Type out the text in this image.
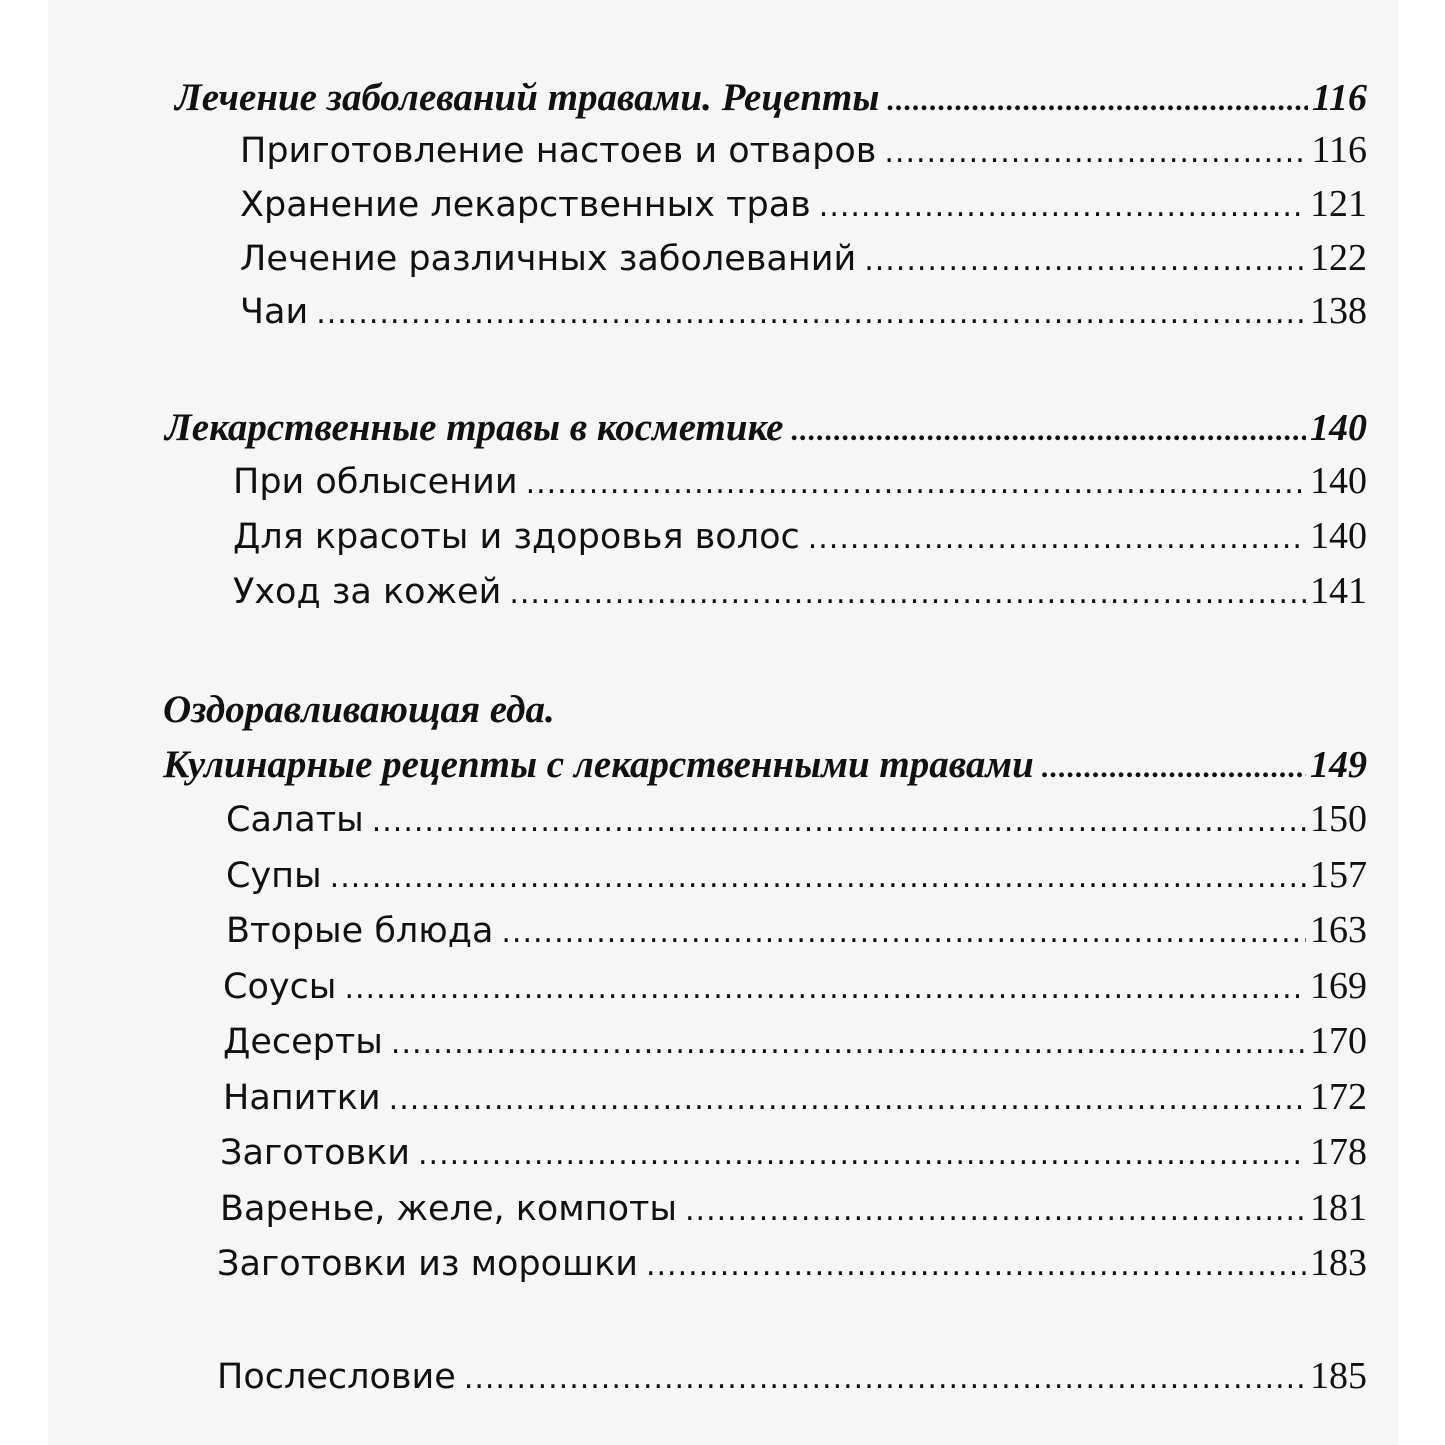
Лечение заболеваний травами. Рецепты .....	116
Приготовление настоев и отваров .....	116
Хранение лекарственных трав .....	121
Лечение различных заболеваний .....	122
Чаи .....	138
Лекарственные травы в косметике .....	140
При облысении .....	140
Для красоты и здоровья волос .....	140
Уход за кожей .....	141
Оздоравливающая еда.
Кулинарные рецепты с лекарственными травами .....	149
Салаты .....	150
Супы .....	157
Вторые блюда .....	163
Соусы .....	169
Десерты .....	170
Напитки .....	172
Заготовки .....	178
Варенье, желе, компоты .....	181
Заготовки из морошки .....	183
Послесловие .....	185
